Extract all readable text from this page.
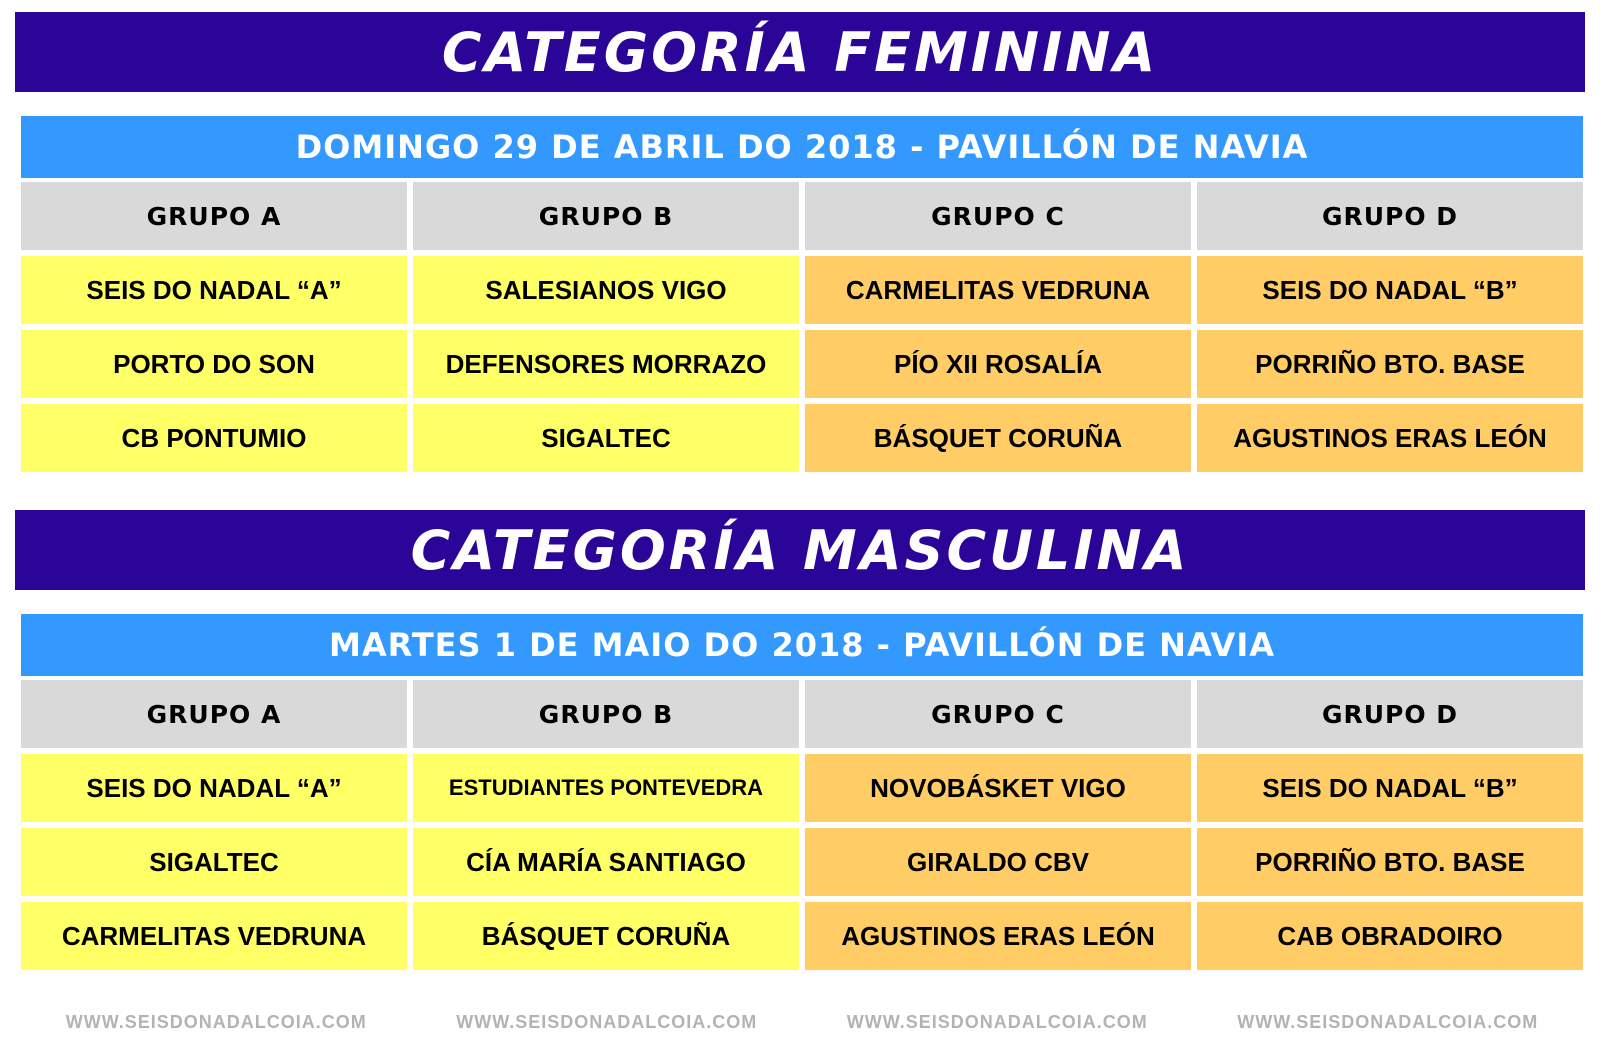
CATEGORÍA FEMININA
DOMINGO 29 DE ABRIL DO 2018 - PAVILLÓN DE NAVIA
GRUPO A	GRUPO B	GRUPO C	GRUPO D
SEIS DO NADAL “A”	SALESIANOS VIGO	CARMELITAS VEDRUNA	SEIS DO NADAL “B”
PORTO DO SON	DEFENSORES MORRAZO	PÍO XII ROSALÍA	PORRIÑO BTO. BASE
CB PONTUMIO	SIGALTEC	BÁSQUET CORUÑA	AGUSTINOS ERAS LEÓN
CATEGORÍA MASCULINA
MARTES 1 DE MAIO DO 2018 - PAVILLÓN DE NAVIA
GRUPO A	GRUPO B	GRUPO C	GRUPO D
SEIS DO NADAL “A”	ESTUDIANTES PONTEVEDRA	NOVOBÁSKET VIGO	SEIS DO NADAL “B”
SIGALTEC	CÍA MARÍA SANTIAGO	GIRALDO CBV	PORRIÑO BTO. BASE
CARMELITAS VEDRUNA	BÁSQUET CORUÑA	AGUSTINOS ERAS LEÓN	CAB OBRADOIRO
WWW.SEISDONADALCOIA.COM	WWW.SEISDONADALCOIA.COM	WWW.SEISDONADALCOIA.COM	WWW.SEISDONADALCOIA.COM
